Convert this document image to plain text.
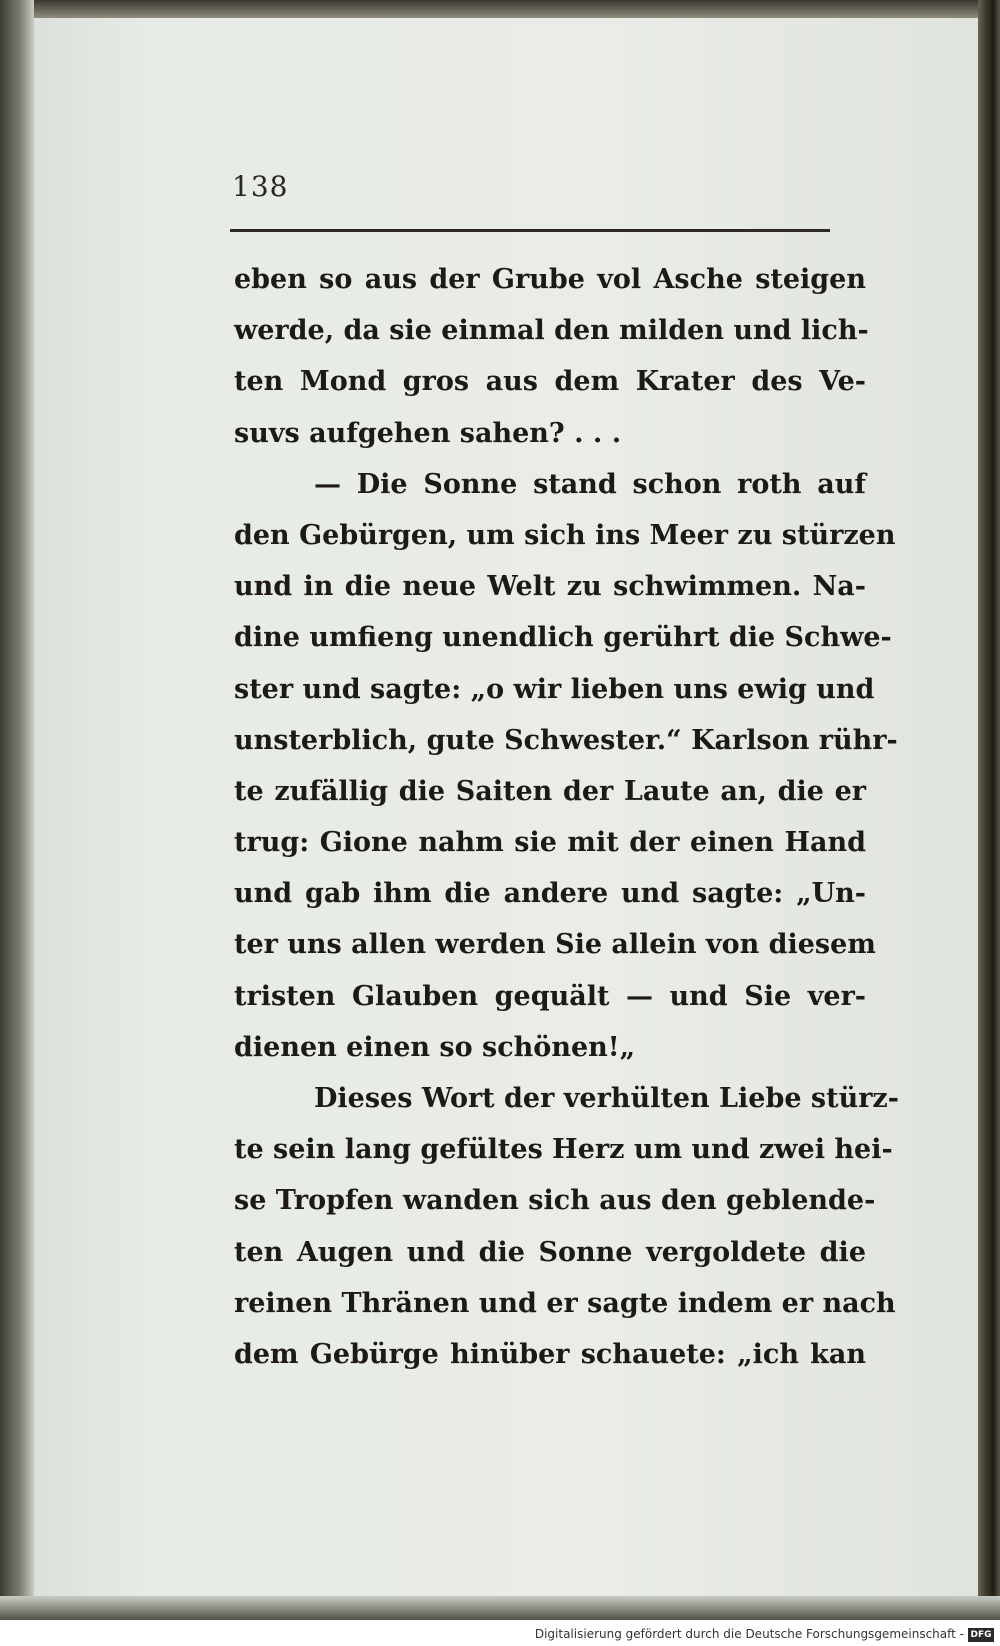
138
eben so aus der Grube vol Asche steigen
werde, da sie einmal den milden und lich-
ten Mond gros aus dem Krater des Ve-
suvs aufgehen sahen? . . .
— Die Sonne stand schon roth auf
den Gebürgen, um sich ins Meer zu stürzen
und in die neue Welt zu schwimmen. Na-
dine umfieng unendlich gerührt die Schwe-
ster und sagte: „o wir lieben uns ewig und
unsterblich, gute Schwester.“ Karlson rühr-
te zufällig die Saiten der Laute an, die er
trug: Gione nahm sie mit der einen Hand
und gab ihm die andere und sagte: „Un-
ter uns allen werden Sie allein von diesem
tristen Glauben gequält — und Sie ver-
dienen einen so schönen!„
Dieses Wort der verhülten Liebe stürz-
te sein lang gefültes Herz um und zwei hei-
se Tropfen wanden sich aus den geblende-
ten Augen und die Sonne vergoldete die
reinen Thränen und er sagte indem er nach
dem Gebürge hinüber schauete: „ich kan
Digitalisierung gefördert durch die Deutsche Forschungsgemeinschaft - DFG
